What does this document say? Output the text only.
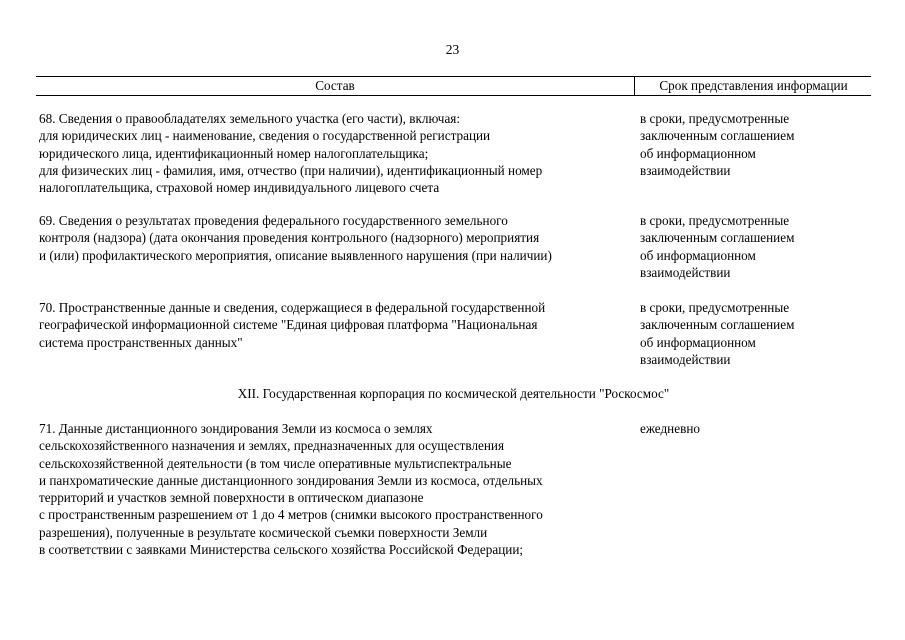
23
Состав	Срок представления информации
68. Сведения о правообладателях земельного участка (его части), включая:
для юридических лиц - наименование, сведения о государственной регистрации
юридического лица, идентификационный номер налогоплательщика;
для физических лиц - фамилия, имя, отчество (при наличии), идентификационный номер
налогоплательщика, страховой номер индивидуального лицевого счета
в сроки, предусмотренные
заключенным соглашением
об информационном
взаимодействии
69. Сведения о результатах проведения федерального государственного земельного
контроля (надзора) (дата окончания проведения контрольного (надзорного) мероприятия
и (или) профилактического мероприятия, описание выявленного нарушения (при наличии)
в сроки, предусмотренные
заключенным соглашением
об информационном
взаимодействии
70. Пространственные данные и сведения, содержащиеся в федеральной государственной
географической информационной системе "Единая цифровая платформа "Национальная
система пространственных данных"
в сроки, предусмотренные
заключенным соглашением
об информационном
взаимодействии
XII. Государственная корпорация по космической деятельности "Роскосмос"
71. Данные дистанционного зондирования Земли из космоса о землях
сельскохозяйственного назначения и землях, предназначенных для осуществления
сельскохозяйственной деятельности (в том числе оперативные мультиспектральные
и панхроматические данные дистанционного зондирования Земли из космоса, отдельных
территорий и участков земной поверхности в оптическом диапазоне
с пространственным разрешением от 1 до 4 метров (снимки высокого пространственного
разрешения), полученные в результате космической съемки поверхности Земли
в соответствии с заявками Министерства сельского хозяйства Российской Федерации;
ежедневно
